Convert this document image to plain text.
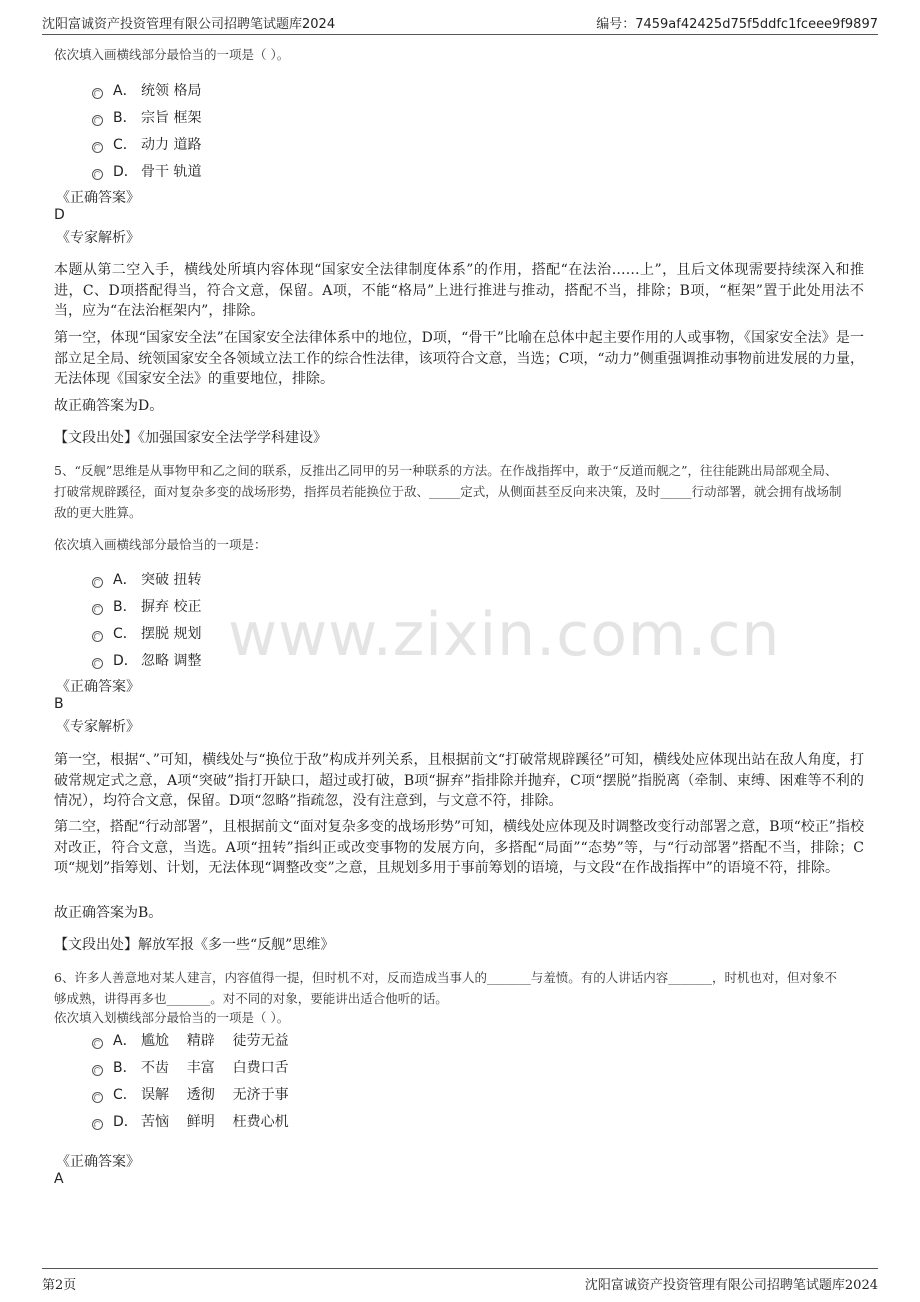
沈阳富诚资产投资管理有限公司招聘笔试题库2024	编号：7459af42425d75f5ddfc1fceee9f9897
www.zixin.com.cn
依次填入画横线部分最恰当的一项是（ ）。
A． 统领 格局
B． 宗旨 框架
C． 动力 道路
D． 骨干 轨道
《正确答案》
D
《专家解析》
本题从第二空入手，横线处所填内容体现“国家安全法律制度体系”的作用，搭配“在法治……上”，且后文体现需要持续深入和推进，C、D项搭配得当，符合文意，保留。A项，不能“格局”上进行推进与推动，搭配不当，排除；B项，“框架”置于此处用法不当，应为“在法治框架内”，排除。
第一空，体现“国家安全法”在国家安全法律体系中的地位，D项，“骨干”比喻在总体中起主要作用的人或事物，《国家安全法》是一部立足全局、统领国家安全各领域立法工作的综合性法律，该项符合文意，当选；C项，“动力”侧重强调推动事物前进发展的力量，无法体现《国家安全法》的重要地位，排除。
故正确答案为D。
【文段出处】《加强国家安全法学学科建设》
5、“反舰”思维是从事物甲和乙之间的联系，反推出乙同甲的另一种联系的方法。在作战指挥中，敢于“反道而舰之”，往往能跳出局部观全局、
打破常规辟蹊径，面对复杂多变的战场形势，指挥员若能换位于敌、_____定式，从侧面甚至反向来决策，及时_____行动部署，就会拥有战场制
敌的更大胜算。
依次填入画横线部分最恰当的一项是：
A． 突破 扭转
B． 摒弃 校正
C． 摆脱 规划
D． 忽略 调整
《正确答案》
B
《专家解析》
第一空，根据“、”可知，横线处与“换位于敌”构成并列关系，且根据前文“打破常规辟蹊径”可知，横线处应体现出站在敌人角度，打破常规定式之意，A项“突破”指打开缺口，超过或打破，B项“摒弃”指排除并抛弃，C项“摆脱”指脱离（牵制、束缚、困难等不利的情况），均符合文意，保留。D项“忽略”指疏忽，没有注意到，与文意不符，排除。
第二空，搭配“行动部署”，且根据前文“面对复杂多变的战场形势”可知，横线处应体现及时调整改变行动部署之意，B项“校正”指校对改正，符合文意，当选。A项“扭转”指纠正或改变事物的发展方向，多搭配“局面”“态势”等，与“行动部署”搭配不当，排除；C项“规划”指筹划、计划，无法体现“调整改变”之意，且规划多用于事前筹划的语境，与文段“在作战指挥中”的语境不符，排除。
故正确答案为B。
【文段出处】解放军报《多一些“反舰”思维》
6、许多人善意地对某人建言，内容值得一提，但时机不对，反而造成当事人的_______与羞愤。有的人讲话内容_______，时机也对，但对象不
够成熟，讲得再多也_______。对不同的对象，要能讲出适合他听的话。
依次填入划横线部分最恰当的一项是（ ）。
A． 尴尬    精辟    徒劳无益
B． 不齿    丰富    白费口舌
C． 误解    透彻    无济于事
D． 苦恼    鲜明    枉费心机
《正确答案》
A
第2页	沈阳富诚资产投资管理有限公司招聘笔试题库2024
